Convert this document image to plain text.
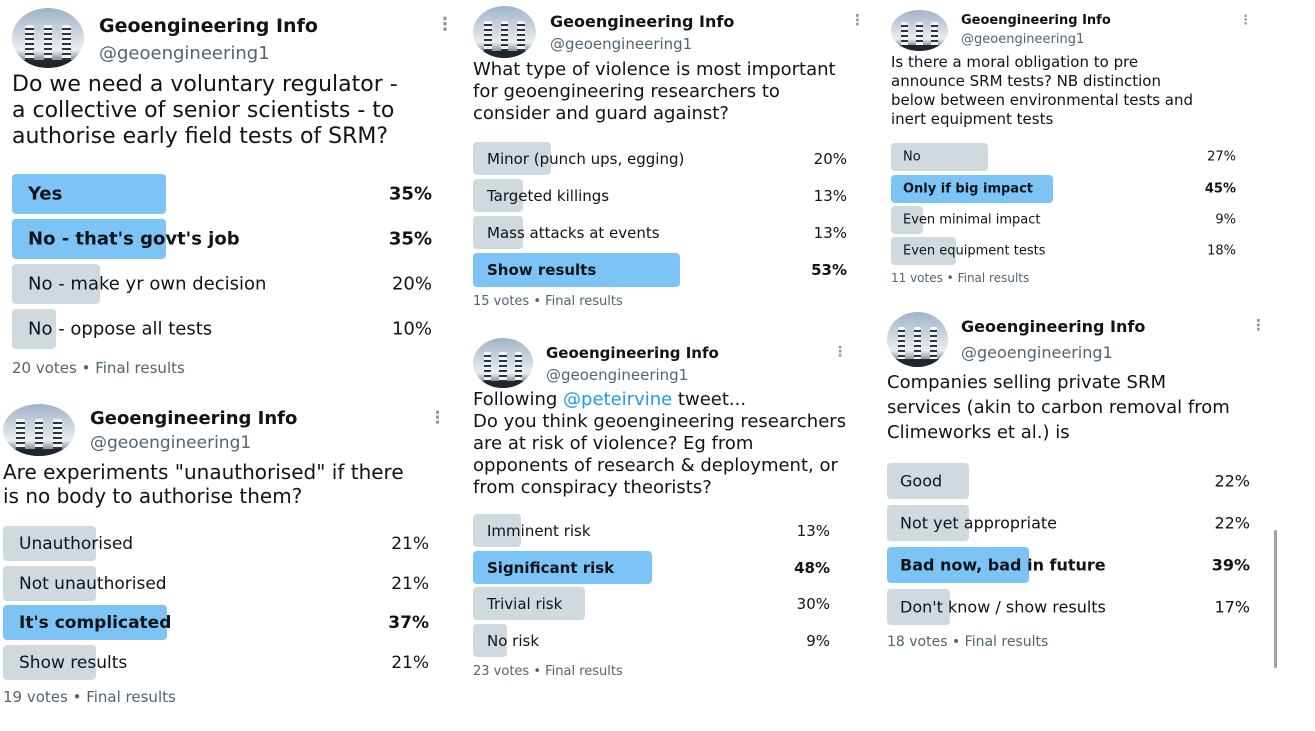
Geoengineering Info
@geoengineering1
⋮
Do we need a voluntary regulator -
a collective of senior scientists - to
authorise early field tests of SRM?
Yes	35%
No - that's govt's job	35%
No - make yr own decision	20%
No - oppose all tests	10%
20 votes • Final results
Geoengineering Info
@geoengineering1
⋮
Are experiments "unauthorised" if there
is no body to authorise them?
Unauthorised	21%
Not unauthorised	21%
It's complicated	37%
Show results	21%
19 votes • Final results
Geoengineering Info
@geoengineering1
⋮
What type of violence is most important
for geoengineering researchers to
consider and guard against?
Minor (punch ups, egging)	20%
Targeted killings	13%
Mass attacks at events	13%
Show results	53%
15 votes • Final results
Geoengineering Info
@geoengineering1
⋮
Following @peteirvine tweet...
Do you think geoengineering researchers
are at risk of violence? Eg from
opponents of research & deployment, or
from conspiracy theorists?
Imminent risk	13%
Significant risk	48%
Trivial risk	30%
No risk	9%
23 votes • Final results
Geoengineering Info
@geoengineering1
⋮
Is there a moral obligation to pre
announce SRM tests? NB distinction
below between environmental tests and
inert equipment tests
No	27%
Only if big impact	45%
Even minimal impact	9%
Even equipment tests	18%
11 votes • Final results
Geoengineering Info
@geoengineering1
⋮
Companies selling private SRM
services (akin to carbon removal from
Climeworks et al.) is
Good	22%
Not yet appropriate	22%
Bad now, bad in future	39%
Don't know / show results	17%
18 votes • Final results
